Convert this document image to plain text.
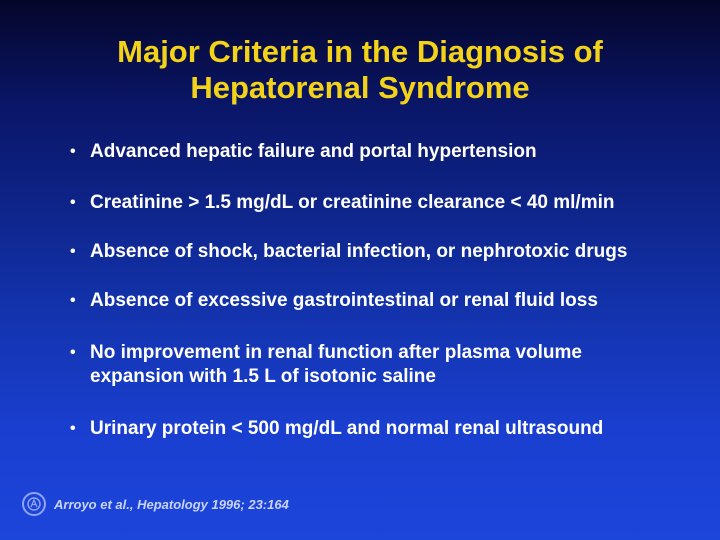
Major Criteria in the Diagnosis of
Hepatorenal Syndrome
• Advanced hepatic failure and portal hypertension
• Creatinine > 1.5 mg/dL or creatinine clearance < 40 ml/min
• Absence of shock, bacterial infection, or nephrotoxic drugs
• Absence of excessive gastrointestinal or renal fluid loss
• No improvement in renal function after plasma volume
expansion with 1.5 L of isotonic saline
• Urinary protein < 500 mg/dL and normal renal ultrasound
Arroyo et al., Hepatology 1996; 23:164
